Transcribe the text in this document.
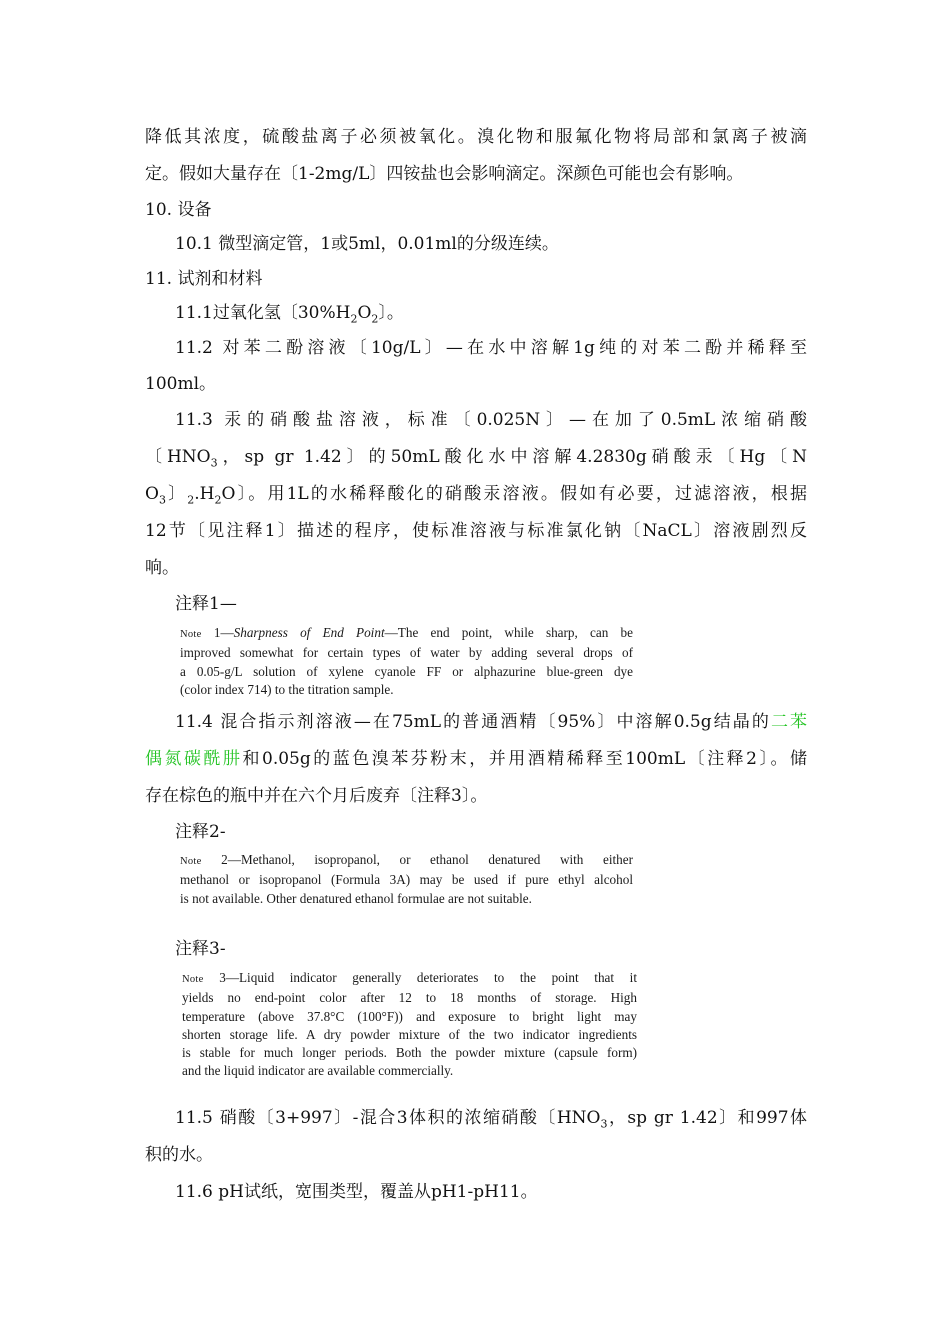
降低其浓度，硫酸盐离子必须被氧化。溴化物和服氟化物将局部和氯离子被滴
定。假如大量存在〔1-2mg/L〕四铵盐也会影响滴定。深颜色可能也会有影响。
10. 设备
10.1 微型滴定管，1或5ml，0.01ml的分级连续。
11. 试剂和材料
11.1过氧化氢〔$30\%H_2O_2$〕。
11.2 对苯二酚溶液〔10g/L〕—在水中溶解1g纯的对苯二酚并稀释至
100ml。
11.3 汞的硝酸盐溶液，标准〔0.025N〕—在加了0.5mL浓缩硝酸
〔$HNO_3$，sp gr 1.42〕的50mL酸化水中溶解4.2830g硝酸汞〔Hg〔N
$O_3$〕$_2.H_2O$〕。用1L的水稀释酸化的硝酸汞溶液。假如有必要，过滤溶液，根据
12节〔见注释1〕描述的程序，使标准溶液与标准氯化钠〔NaCL〕溶液剧烈反
响。
注释1—
Note 1—Sharpness of End Point—The end point, while sharp, can be
improved somewhat for certain types of water by adding several drops of
a 0.05-g/L solution of xylene cyanole FF or alphazurine blue-green dye
(color index 714) to the titration sample.
11.4 混合指示剂溶液—在75mL的普通酒精〔95%〕中溶解0.5g结晶的二苯
偶氮碳酰肼和0.05g的蓝色溴苯芬粉末，并用酒精稀释至100mL〔注释2〕。储
存在棕色的瓶中并在六个月后废弃〔注释3〕。
注释2-
Note 2—Methanol, isopropanol, or ethanol denatured with either
methanol or isopropanol (Formula 3A) may be used if pure ethyl alcohol
is not available. Other denatured ethanol formulae are not suitable.
注释3-
Note 3—Liquid indicator generally deteriorates to the point that it
yields no end-point color after 12 to 18 months of storage. High
temperature (above 37.8°C (100°F)) and exposure to bright light may
shorten storage life. A dry powder mixture of the two indicator ingredients
is stable for much longer periods. Both the powder mixture (capsule form)
and the liquid indicator are available commercially.
11.5 硝酸〔3+997〕-混合3体积的浓缩硝酸〔$HNO_3$，sp gr 1.42〕和997体
积的水。
11.6 pH试纸，宽围类型，覆盖从pH1-pH11。
